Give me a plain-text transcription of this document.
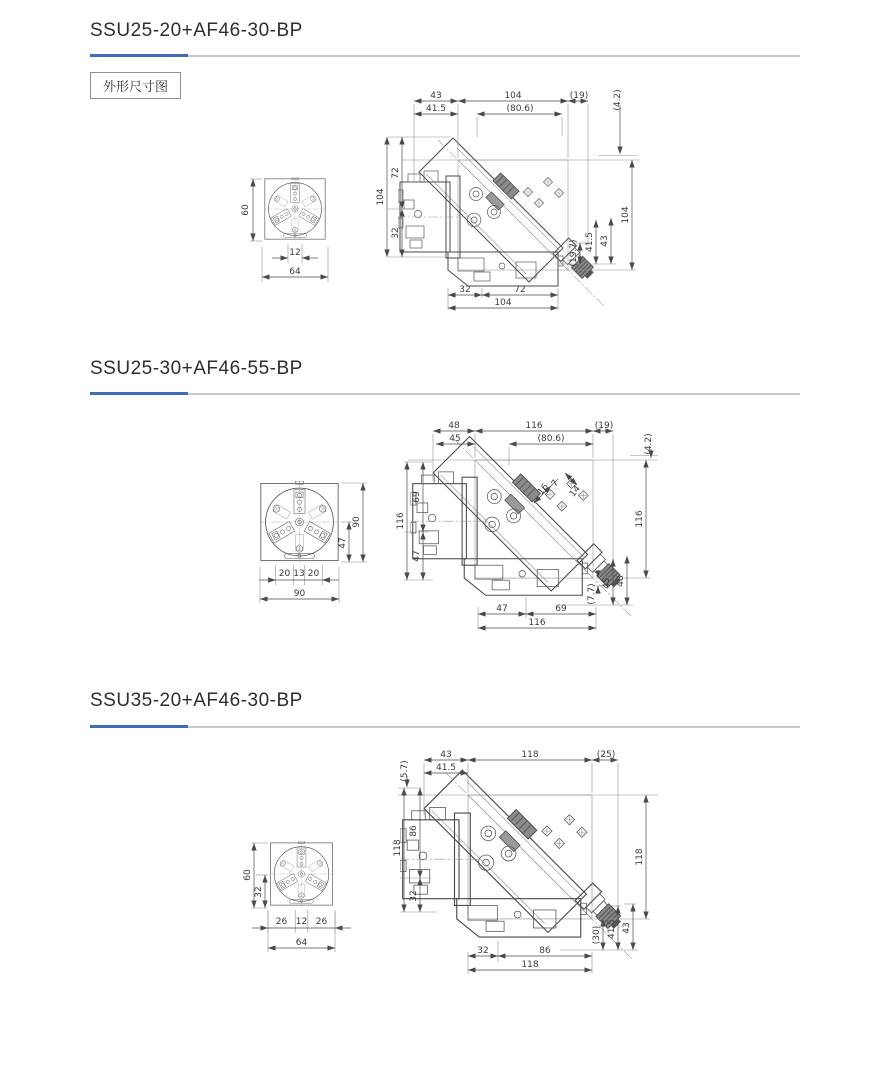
SSU25-20+AF46-30-BP
外形尺寸图
60
12
64
43	104	(19)
41.5	(80.6)	(4.2)
104
104
72
32
(19.7) 41.5 43
32	72
104
SSU25-30+AF46-55-BP
90
47
20 13 20
90
48	116	(19)
45	(80.6)	(4.2)
16
7
14
116
116
69
47
(7.7)
45 48
47	69
116
SSU35-20+AF46-30-BP
60
32
26 12 26
64
43	118	(25)
41.5
(5.7)
118
86
32
118
(30) 41.5 43
32	86
118
